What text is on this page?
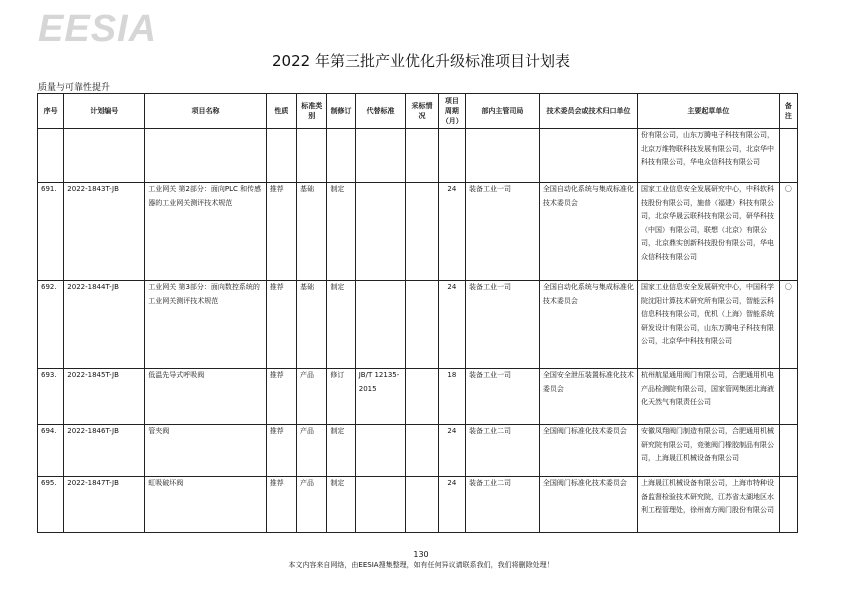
EESIA
2022 年第三批产业优化升级标准项目计划表
质量与可靠性提升
序号	计划编号	项目名称	性质	标准类别	制修订	代替标准	采标情况	项目周期（月）	部内主管司局	技术委员会或技术归口单位	主要起草单位	备注
											份有限公司，山东万腾电子科技有限公司，北京万维物联科技发展有限公司，北京华中科技有限公司，华电众信科技有限公司	
691.	2022-1843T-JB	工业网关 第2部分：面向PLC 和传感器的工业网关测评技术规范	推荐	基础	制定			24	装备工业一司	全国自动化系统与集成标准化技术委员会	国家工业信息安全发展研究中心，中科软科技股份有限公司，施普（福建）科技有限公司，北京华晟云联科技有限公司，研华科技（中国）有限公司，联想（北京）有限公司，北京鼎实创新科技股份有限公司，华电众信科技有限公司	〇
692.	2022-1844T-JB	工业网关 第3部分：面向数控系统的工业网关测评技术规范	推荐	基础	制定			24	装备工业一司	全国自动化系统与集成标准化技术委员会	国家工业信息安全发展研究中心，中国科学院沈阳计算技术研究所有限公司，智能云科信息科技有限公司，优机（上海）智能系统研发设计有限公司，山东万腾电子科技有限公司，北京华中科技有限公司	〇
693.	2022-1845T-JB	低温先导式呼吸阀	推荐	产品	修订	JB/T 12135-2015		18	装备工业一司	全国安全泄压装置标准化技术委员会	杭州航星通用阀门有限公司，合肥通用机电产品检测院有限公司，国家管网集团北海液化天然气有限责任公司	
694.	2022-1846T-JB	管夹阀	推荐	产品	制定			24	装备工业二司	全国阀门标准化技术委员会	安徽凤翔阀门制造有限公司，合肥通用机械研究院有限公司，竞驰阀门橡胶制品有限公司，上海晟江机械设备有限公司	
695.	2022-1847T-JB	虹吸破坏阀	推荐	产品	制定			24	装备工业二司	全国阀门标准化技术委员会	上海晟江机械设备有限公司，上海市特种设备监督检验技术研究院，江苏省太湖地区水利工程管理处，徐州南方阀门股份有限公司	
130
本文内容来自网络，由EESIA搜集整理，如有任何异议请联系我们，我们将删除处理！
